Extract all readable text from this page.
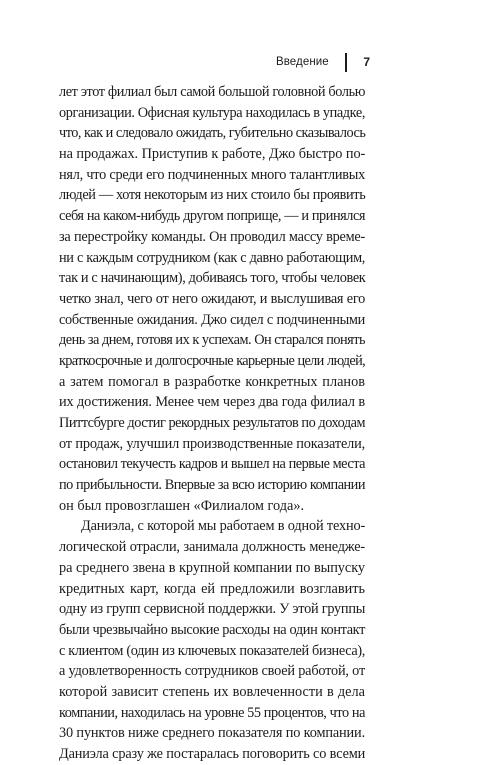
Введение	7
лет этот филиал был самой большой головной болью
организации. Офисная культура находилась в упадке,
что, как и следовало ожидать, губительно сказывалось
на продажах. Приступив к работе, Джо быстро по-
нял, что среди его подчиненных много талантливых
людей — хотя некоторым из них стоило бы проявить
себя на каком-нибудь другом поприще, — и принялся
за перестройку команды. Он проводил массу време-
ни с каждым сотрудником (как с давно работающим,
так и с начинающим), добиваясь того, чтобы человек
четко знал, чего от него ожидают, и выслушивая его
собственные ожидания. Джо сидел с подчиненными
день за днем, готовя их к успехам. Он старался понять
краткосрочные и долгосрочные карьерные цели людей,
а затем помогал в разработке конкретных планов
их достижения. Менее чем через два года филиал в
Питтсбурге достиг рекордных результатов по доходам
от продаж, улучшил производственные показатели,
остановил текучесть кадров и вышел на первые места
по прибыльности. Впервые за всю историю компании
он был провозглашен «Филиалом года».
Даниэла, с которой мы работаем в одной техно-
логической отрасли, занимала должность менедже-
ра среднего звена в крупной компании по выпуску
кредитных карт, когда ей предложили возглавить
одну из групп сервисной поддержки. У этой группы
были чрезвычайно высокие расходы на один контакт
с клиентом (один из ключевых показателей бизнеса),
а удовлетворенность сотрудников своей работой, от
которой зависит степень их вовлеченности в дела
компании, находилась на уровне 55 процентов, что на
30 пунктов ниже среднего показателя по компании.
Даниэла сразу же постаралась поговорить со всеми
